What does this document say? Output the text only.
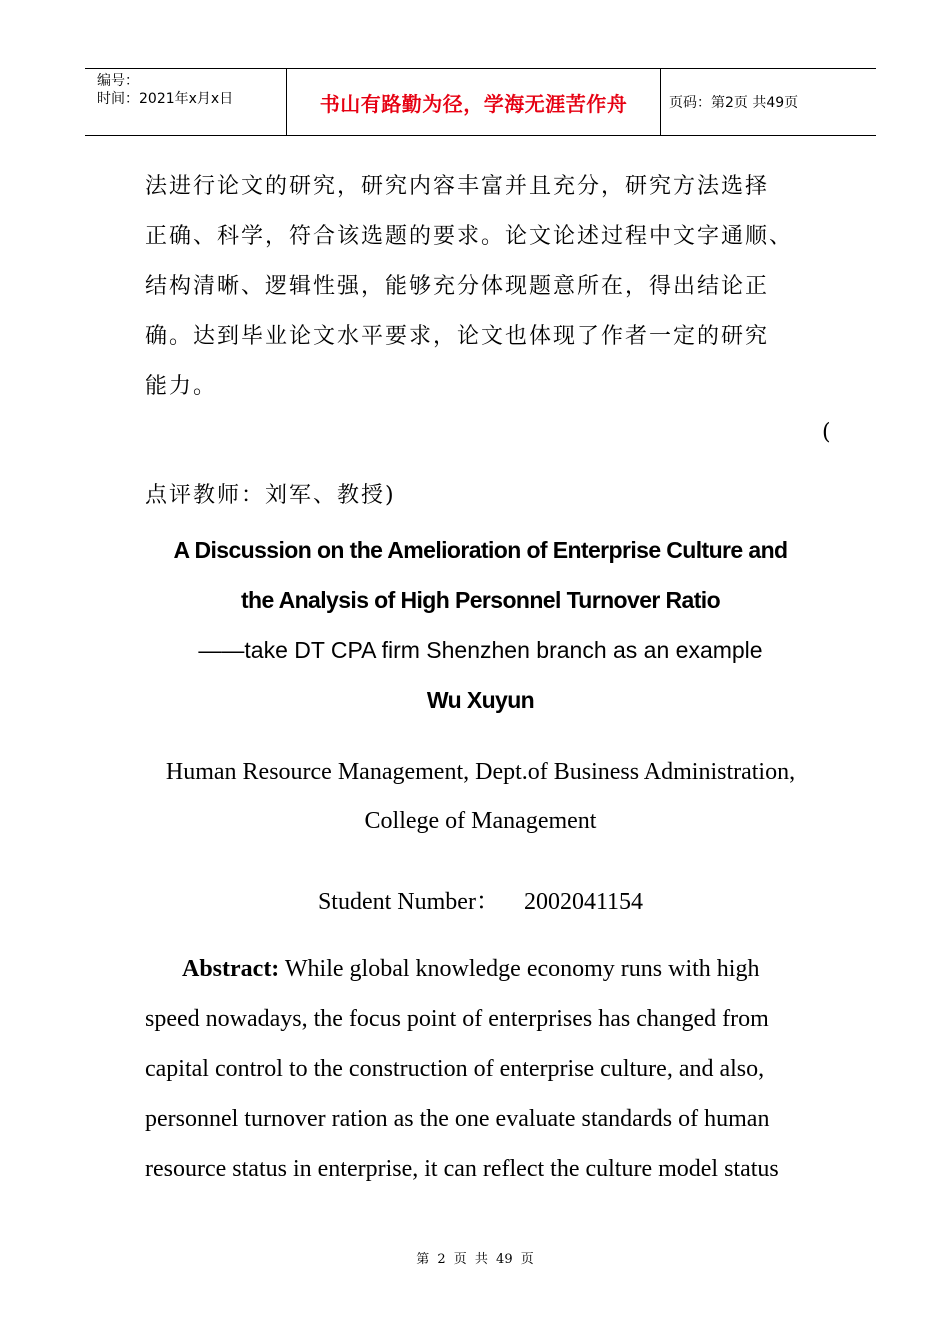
编号：
时间：2021年x月x日	书山有路勤为径，学海无涯苦作舟	页码：第2页 共49页

法进行论文的研究，研究内容丰富并且充分，研究方法选择
正确、科学，符合该选题的要求。论文论述过程中文字通顺、
结构清晰、逻辑性强，能够充分体现题意所在，得出结论正
确。达到毕业论文水平要求，论文也体现了作者一定的研究
能力。

(
点评教师：刘军、教授)
A Discussion on the Amelioration of Enterprise Culture and
the Analysis of High Personnel Turnover Ratio
——take DT CPA firm Shenzhen branch as an example
Wu Xuyun
Human Resource Management, Dept.of Business Administration,
College of Management
Student Number： 2002041154

Abstract: While global knowledge economy runs with high
speed nowadays, the focus point of enterprises has changed from
capital control to the construction of enterprise culture, and also,
personnel turnover ration as the one evaluate standards of human
resource status in enterprise, it can reflect the culture model status

第 2 页 共 49 页
